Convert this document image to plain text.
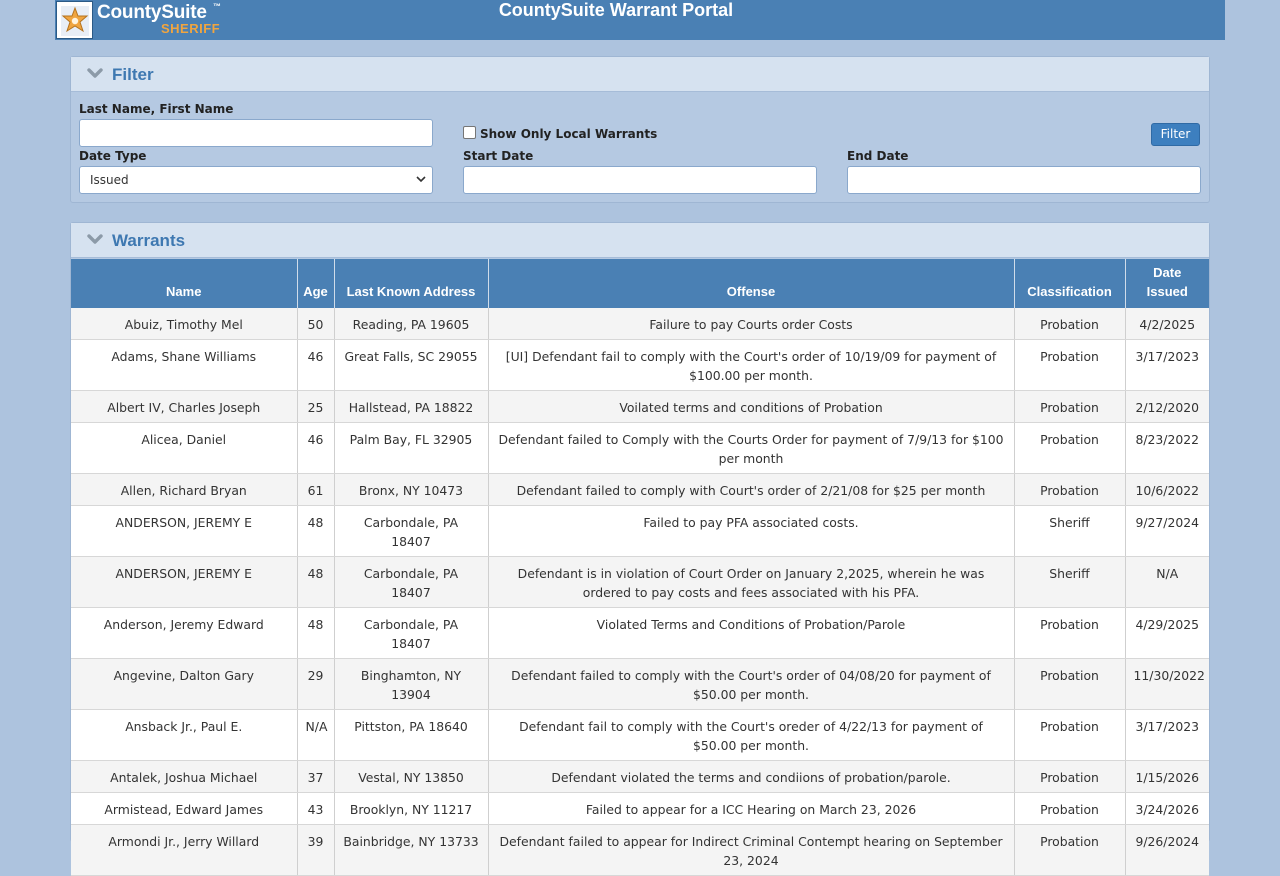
CountySuite ™
SHERIFF
CountySuite Warrant Portal
Filter
Last Name, First Name
Show Only Local Warrants	Filter
Date Type
Issued
Start Date	End Date
Warrants
Name	Age	Last Known Address	Offense	Classification	Date
Issued
Abuiz, Timothy Mel	50	Reading, PA 19605	Failure to pay Courts order Costs	Probation	4/2/2025
Adams, Shane Williams	46	Great Falls, SC 29055	[UI] Defendant fail to comply with the Court's order of 10/19/09 for payment of $100.00 per month.	Probation	3/17/2023
Albert IV, Charles Joseph	25	Hallstead, PA 18822	Voilated terms and conditions of Probation	Probation	2/12/2020
Alicea, Daniel	46	Palm Bay, FL 32905	Defendant failed to Comply with the Courts Order for payment of 7/9/13 for $100 per month	Probation	8/23/2022
Allen, Richard Bryan	61	Bronx, NY 10473	Defendant failed to comply with Court's order of 2/21/08 for $25 per month	Probation	10/6/2022
ANDERSON, JEREMY E	48	Carbondale, PA 18407	Failed to pay PFA associated costs.	Sheriff	9/27/2024
ANDERSON, JEREMY E	48	Carbondale, PA 18407	Defendant is in violation of Court Order on January 2,2025, wherein he was ordered to pay costs and fees associated with his PFA.	Sheriff	N/A
Anderson, Jeremy Edward	48	Carbondale, PA 18407	Violated Terms and Conditions of Probation/Parole	Probation	4/29/2025
Angevine, Dalton Gary	29	Binghamton, NY 13904	Defendant failed to comply with the Court's order of 04/08/20 for payment of $50.00 per month.	Probation	11/30/2022
Ansback Jr., Paul E.	N/A	Pittston, PA 18640	Defendant fail to comply with the Court's oreder of 4/22/13 for payment of $50.00 per month.	Probation	3/17/2023
Antalek, Joshua Michael	37	Vestal, NY 13850	Defendant violated the terms and condiions of probation/parole.	Probation	1/15/2026
Armistead, Edward James	43	Brooklyn, NY 11217	Failed to appear for a ICC Hearing on March 23, 2026	Probation	3/24/2026
Armondi Jr., Jerry Willard	39	Bainbridge, NY 13733	Defendant failed to appear for Indirect Criminal Contempt hearing on September 23, 2024	Probation	9/26/2024
